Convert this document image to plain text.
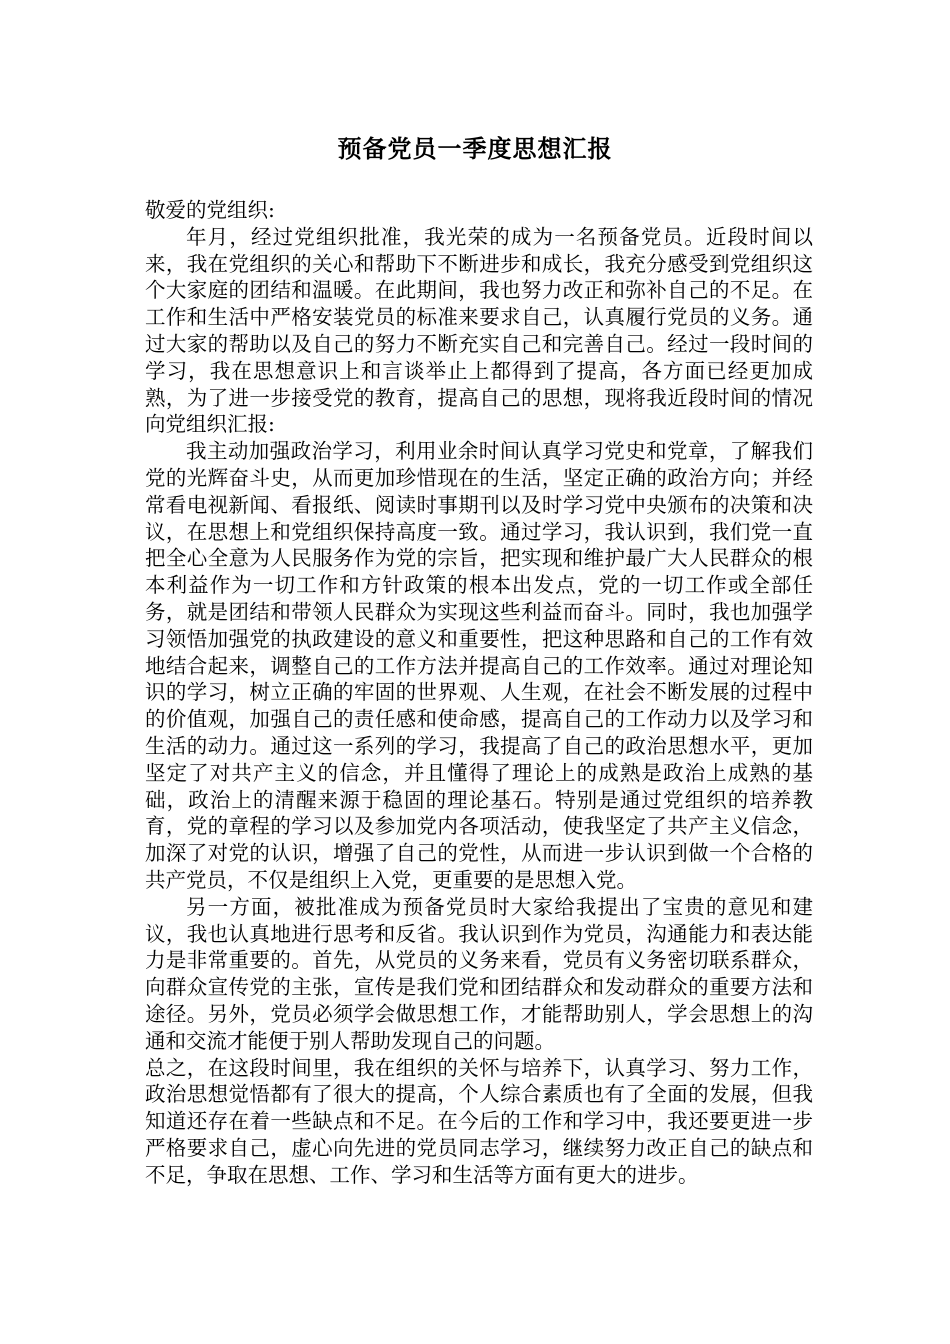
预备党员一季度思想汇报

敬爱的党组织:

年月，经过党组织批准，我光荣的成为一名预备党员。近段时间以来，我在党组织的关心和帮助下不断进步和成长，我充分感受到党组织这个大家庭的团结和温暖。在此期间，我也努力改正和弥补自己的不足。在工作和生活中严格安装党员的标准来要求自己，认真履行党员的义务。通过大家的帮助以及自己的努力不断充实自己和完善自己。经过一段时间的学习，我在思想意识上和言谈举止上都得到了提高，各方面已经更加成熟，为了进一步接受党的教育，提高自己的思想，现将我近段时间的情况向党组织汇报:

我主动加强政治学习，利用业余时间认真学习党史和党章，了解我们党的光辉奋斗史，从而更加珍惜现在的生活，坚定正确的政治方向；并经常看电视新闻、看报纸、阅读时事期刊以及时学习党中央颁布的决策和决议，在思想上和党组织保持高度一致。通过学习，我认识到，我们党一直把全心全意为人民服务作为党的宗旨，把实现和维护最广大人民群众的根本利益作为一切工作和方针政策的根本出发点，党的一切工作或全部任务，就是团结和带领人民群众为实现这些利益而奋斗。同时，我也加强学习领悟加强党的执政建设的意义和重要性，把这种思路和自己的工作有效地结合起来，调整自己的工作方法并提高自己的工作效率。通过对理论知识的学习，树立正确的牢固的世界观、人生观，在社会不断发展的过程中的价值观，加强自己的责任感和使命感，提高自己的工作动力以及学习和生活的动力。通过这一系列的学习，我提高了自己的政治思想水平，更加坚定了对共产主义的信念，并且懂得了理论上的成熟是政治上成熟的基础，政治上的清醒来源于稳固的理论基石。特别是通过党组织的培养教育，党的章程的学习以及参加党内各项活动，使我坚定了共产主义信念，加深了对党的认识，增强了自己的党性，从而进一步认识到做一个合格的共产党员，不仅是组织上入党，更重要的是思想入党。

另一方面，被批准成为预备党员时大家给我提出了宝贵的意见和建议，我也认真地进行思考和反省。我认识到作为党员，沟通能力和表达能力是非常重要的。首先，从党员的义务来看，党员有义务密切联系群众，向群众宣传党的主张，宣传是我们党和团结群众和发动群众的重要方法和途径。另外，党员必须学会做思想工作，才能帮助别人，学会思想上的沟通和交流才能便于别人帮助发现自己的问题。

总之，在这段时间里，我在组织的关怀与培养下，认真学习、努力工作，政治思想觉悟都有了很大的提高，个人综合素质也有了全面的发展，但我知道还存在着一些缺点和不足。在今后的工作和学习中，我还要更进一步严格要求自己，虚心向先进的党员同志学习，继续努力改正自己的缺点和不足，争取在思想、工作、学习和生活等方面有更大的进步。
